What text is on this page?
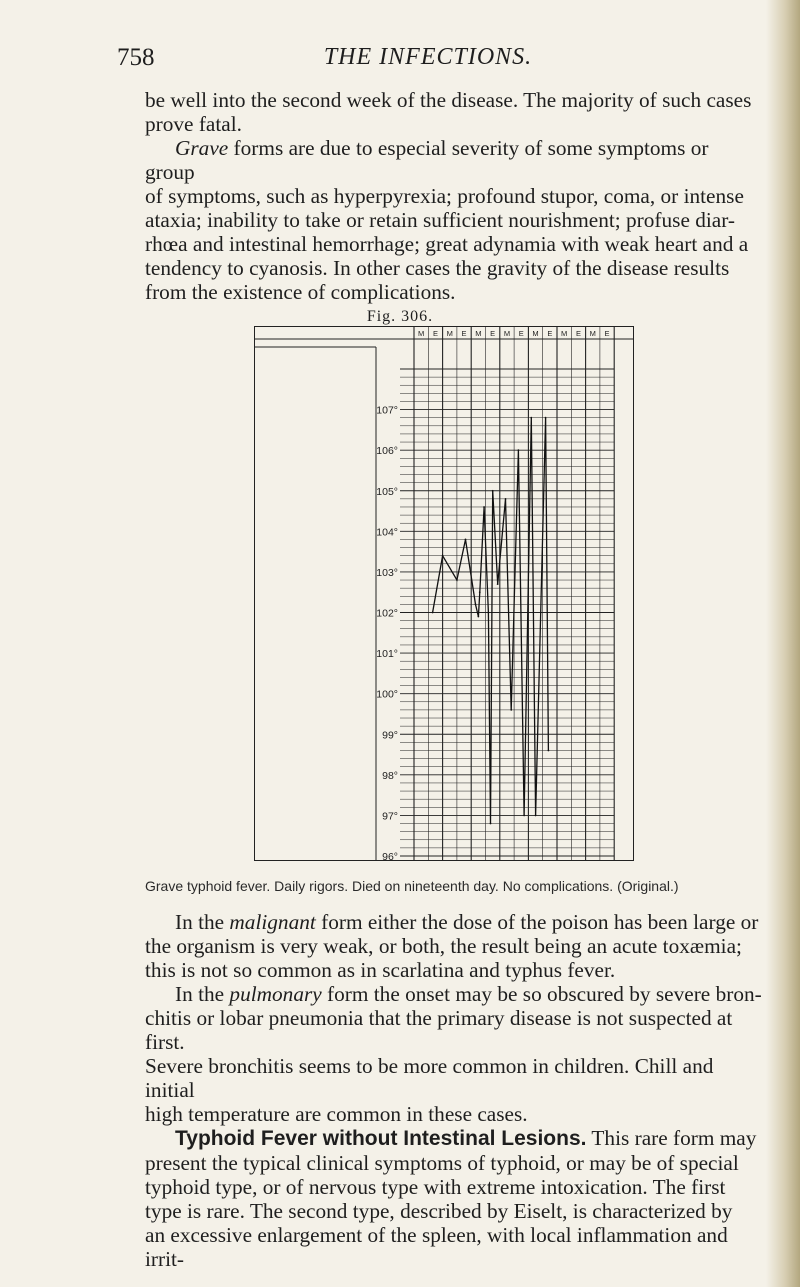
758	THE INFECTIONS.

be well into the second week of the disease. The majority of such cases

prove fatal.

Grave forms are due to especial severity of some symptoms or group

of symptoms, such as hyperpyrexia; profound stupor, coma, or intense

ataxia; inability to take or retain sufficient nourishment; profuse diar-

rhœa and intestinal hemorrhage; great adynamia with weak heart and a

tendency to cyanosis. In other cases the gravity of the disease results

from the existence of complications.

Fig. 306.
M E M E M E M E M E M E M E
107°
106°
105°
104°
103°
102°
101°
100°
99°
98°
97°
96°
Grave typhoid fever. Daily rigors. Died on nineteenth day. No complications. (Original.)

In the malignant form either the dose of the poison has been large or

the organism is very weak, or both, the result being an acute toxæmia;

this is not so common as in scarlatina and typhus fever.

In the pulmonary form the onset may be so obscured by severe bron-

chitis or lobar pneumonia that the primary disease is not suspected at first.

Severe bronchitis seems to be more common in children. Chill and initial

high temperature are common in these cases.

Typhoid Fever without Intestinal Lesions. This rare form may

present the typical clinical symptoms of typhoid, or may be of special

typhoid type, or of nervous type with extreme intoxication. The first

type is rare. The second type, described by Eiselt, is characterized by

an excessive enlargement of the spleen, with local inflammation and irrit-
